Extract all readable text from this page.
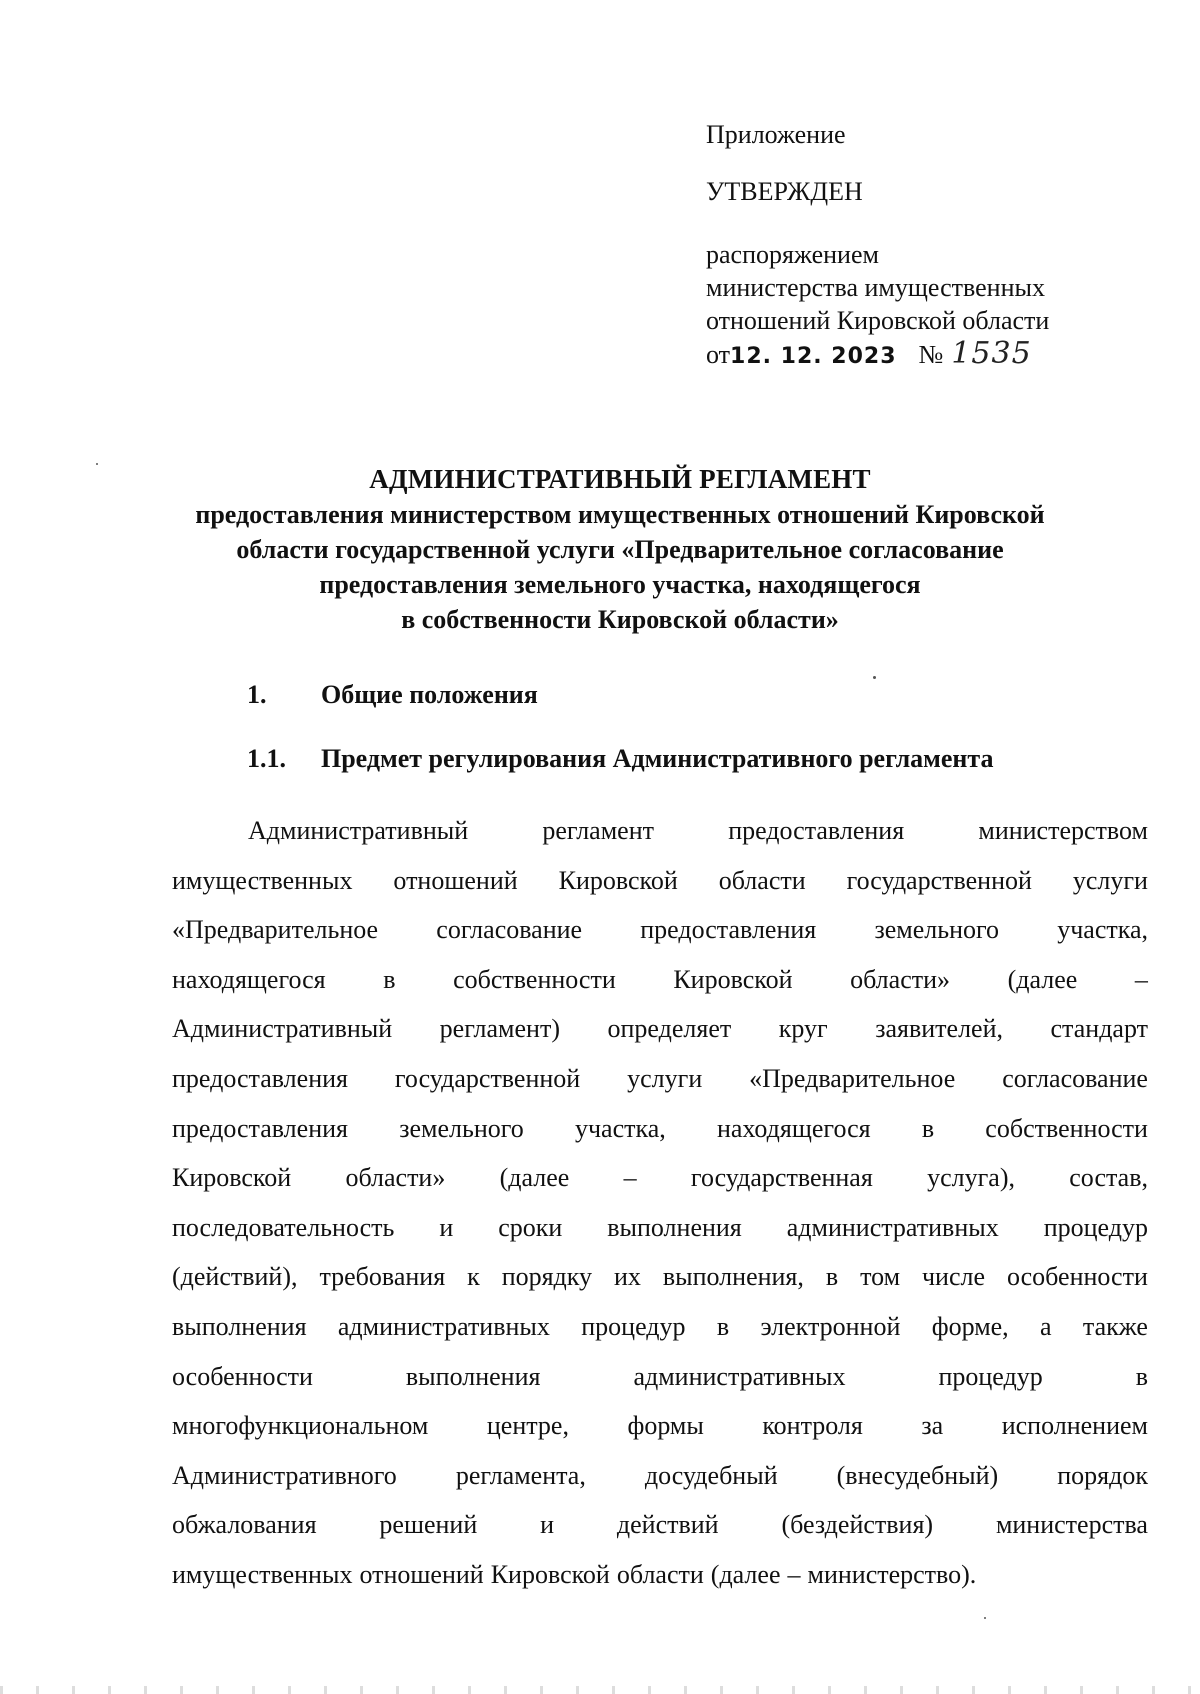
Приложение
УТВЕРЖДЕН
распоряжением
министерства имущественных
отношений Кировской области
от12. 12. 2023 № 1535
АДМИНИСТРАТИВНЫЙ РЕГЛАМЕНТ
предоставления министерством имущественных отношений Кировской
области государственной услуги «Предварительное согласование
предоставления земельного участка, находящегося
в собственности Кировской области»
1. Общие положения
1.1. Предмет регулирования Административного регламента
Административный	регламент	предоставления	министерством
имущественных отношений Кировской области государственной услуги
«Предварительное согласование предоставления земельного участка,
находящегося в собственности Кировской области» (далее –
Административный регламент) определяет круг заявителей, стандарт
предоставления государственной услуги «Предварительное согласование
предоставления земельного участка, находящегося в собственности
Кировской области» (далее – государственная услуга), состав,
последовательность и сроки выполнения административных процедур
(действий), требования к порядку их выполнения, в том числе особенности
выполнения административных процедур в электронной форме, а также
особенности	выполнения	административных	процедур	в
многофункциональном центре, формы контроля за исполнением
Административного регламента, досудебный (внесудебный) порядок
обжалования решений и действий (бездействия) министерства
имущественных отношений Кировской области (далее – министерство).
